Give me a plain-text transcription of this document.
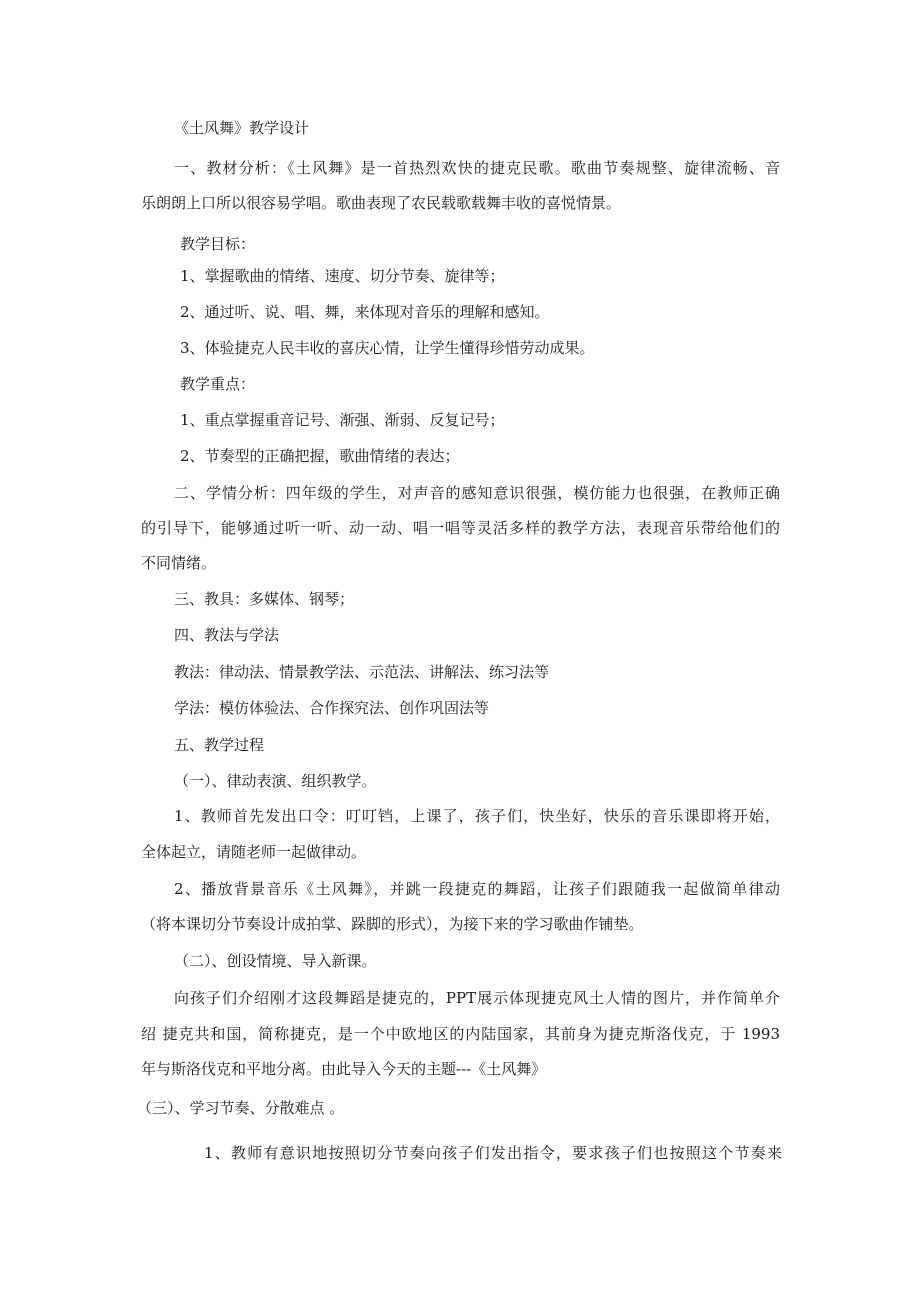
《土风舞》教学设计

一、教材分析：《土风舞》是一首热烈欢快的捷克民歌。歌曲节奏规整、旋律流畅、音

乐朗朗上口所以很容易学唱。歌曲表现了农民载歌载舞丰收的喜悦情景。

教学目标：

1、掌握歌曲的情绪、速度、切分节奏、旋律等；

2、通过听、说、唱、舞，来体现对音乐的理解和感知。

3、体验捷克人民丰收的喜庆心情，让学生懂得珍惜劳动成果。

教学重点：

1、重点掌握重音记号、渐强、渐弱、反复记号；

2、节奏型的正确把握，歌曲情绪的表达；

二、学情分析：四年级的学生，对声音的感知意识很强，模仿能力也很强，在教师正确

的引导下，能够通过听一听、动一动、唱一唱等灵活多样的教学方法，表现音乐带给他们的

不同情绪。

三、教具：多媒体、钢琴；

四、教法与学法

教法：律动法、情景教学法、示范法、讲解法、练习法等

学法：模仿体验法、合作探究法、创作巩固法等

五、教学过程

（一）、律动表演、组织教学。

1、教师首先发出口令：叮叮铛，上课了，孩子们，快坐好，快乐的音乐课即将开始，

全体起立，请随老师一起做律动。

2、播放背景音乐《土风舞》，并跳一段捷克的舞蹈，让孩子们跟随我一起做简单律动

（将本课切分节奏设计成拍掌、跺脚的形式），为接下来的学习歌曲作铺垫。

（二）、创设情境、导入新课。

向孩子们介绍刚才这段舞蹈是捷克的，PPT展示体现捷克风土人情的图片，并作简单介

绍 捷克共和国，简称捷克，是一个中欧地区的内陆国家，其前身为捷克斯洛伐克，于 1993

年与斯洛伐克和平地分离。由此导入今天的主题---《土风舞》

（三）、学习节奏、分散难点 。

1、教师有意识地按照切分节奏向孩子们发出指令，要求孩子们也按照这个节奏来
